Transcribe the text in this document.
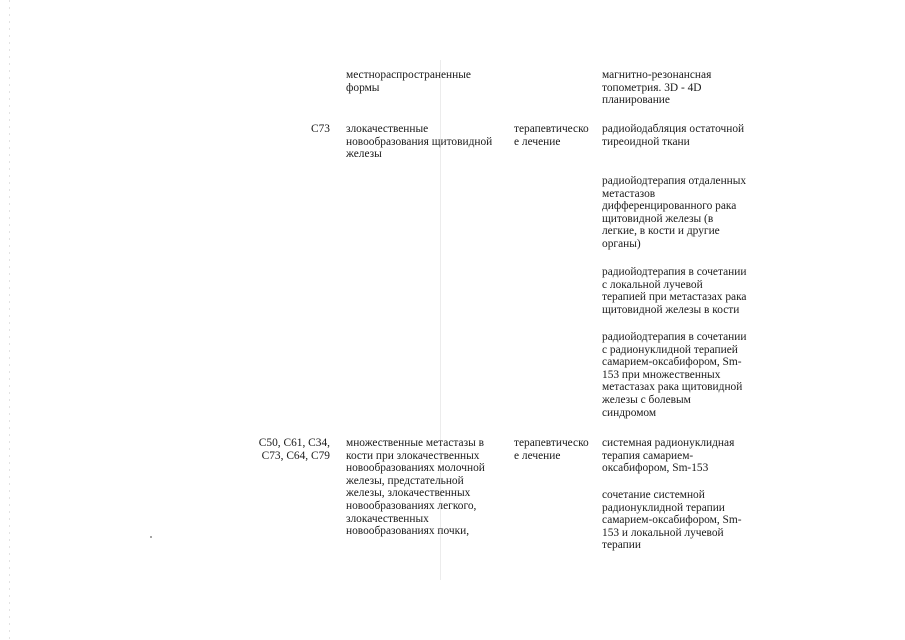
местнораспространенные
формы
магнитно-резонансная
топометрия. 3D - 4D
планирование
C73 злокачественные
новообразования щитовидной
железы
терапевтическо
е лечение
радиойодабляция остаточной
тиреоидной ткани
радиойодтерапия отдаленных
метастазов
дифференцированного рака
щитовидной железы (в
легкие, в кости и другие
органы)
радиойодтерапия в сочетании
с локальной лучевой
терапией при метастазах рака
щитовидной железы в кости
радиойодтерапия в сочетании
с радионуклидной терапией
самарием-оксабифором, Sm-
153 при множественных
метастазах рака щитовидной
железы с болевым
синдромом
C50, C61, C34,
C73, C64, C79
множественные метастазы в
кости при злокачественных
новообразованиях молочной
железы, предстательной
железы, злокачественных
новообразованиях легкого,
злокачественных
новообразованиях почки,
терапевтическо
е лечение
системная радионуклидная
терапия самарием-
оксабифором, Sm-153
сочетание системной
радионуклидной терапии
самарием-оксабифором, Sm-
153 и локальной лучевой
терапии
